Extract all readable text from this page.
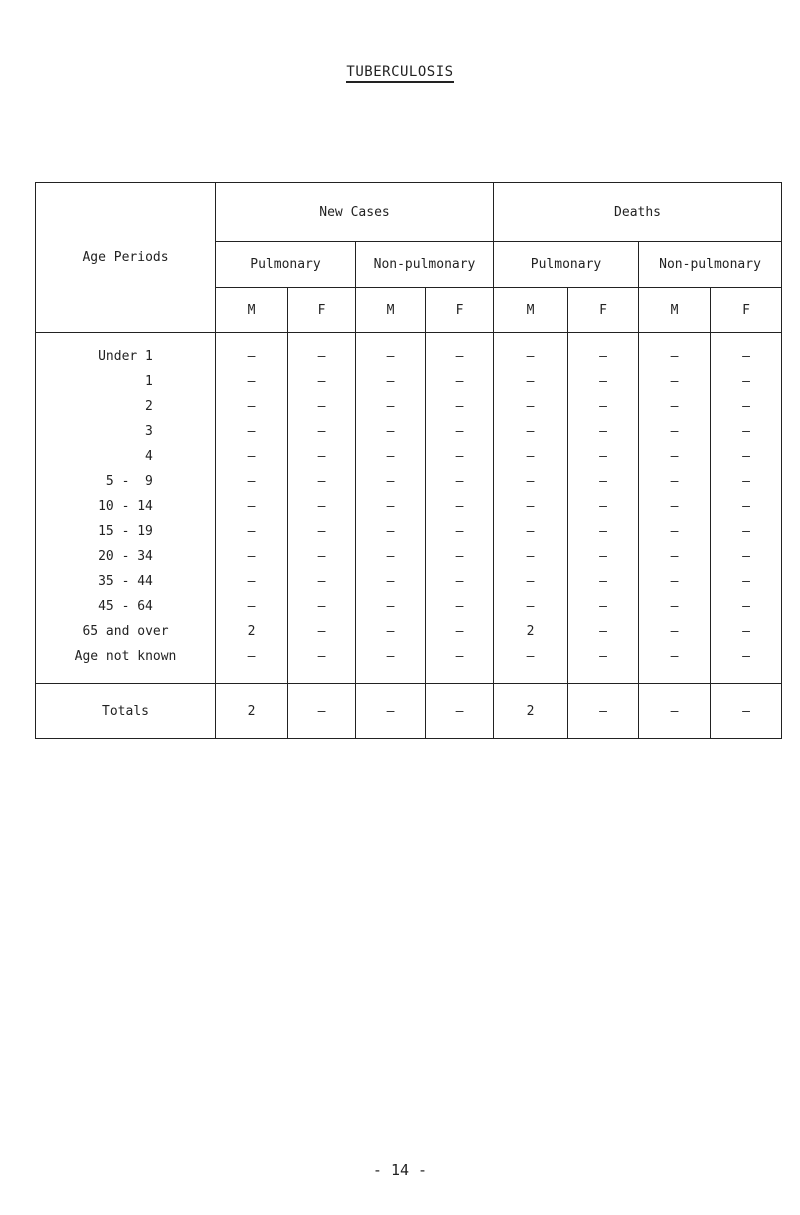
TUBERCULOSIS
Age Periods	New Cases				Deaths			
	Pulmonary		Non-pulmonary		Pulmonary		Non-pulmonary	
	M	F	M	F	M	F	M	F
Under 1	—	—	—	—	—	—	—	—
1	—	—	—	—	—	—	—	—
2	—	—	—	—	—	—	—	—
3	—	—	—	—	—	—	—	—
4	—	—	—	—	—	—	—	—
5 -  9	—	—	—	—	—	—	—	—
10 - 14	—	—	—	—	—	—	—	—
15 - 19	—	—	—	—	—	—	—	—
20 - 34	—	—	—	—	—	—	—	—
35 - 44	—	—	—	—	—	—	—	—
45 - 64	—	—	—	—	—	—	—	—
65 and over	2	—	—	—	2	—	—	—
Age not known	—	—	—	—	—	—	—	—
Totals	2	—	—	—	2	—	—	—
- 14 -
